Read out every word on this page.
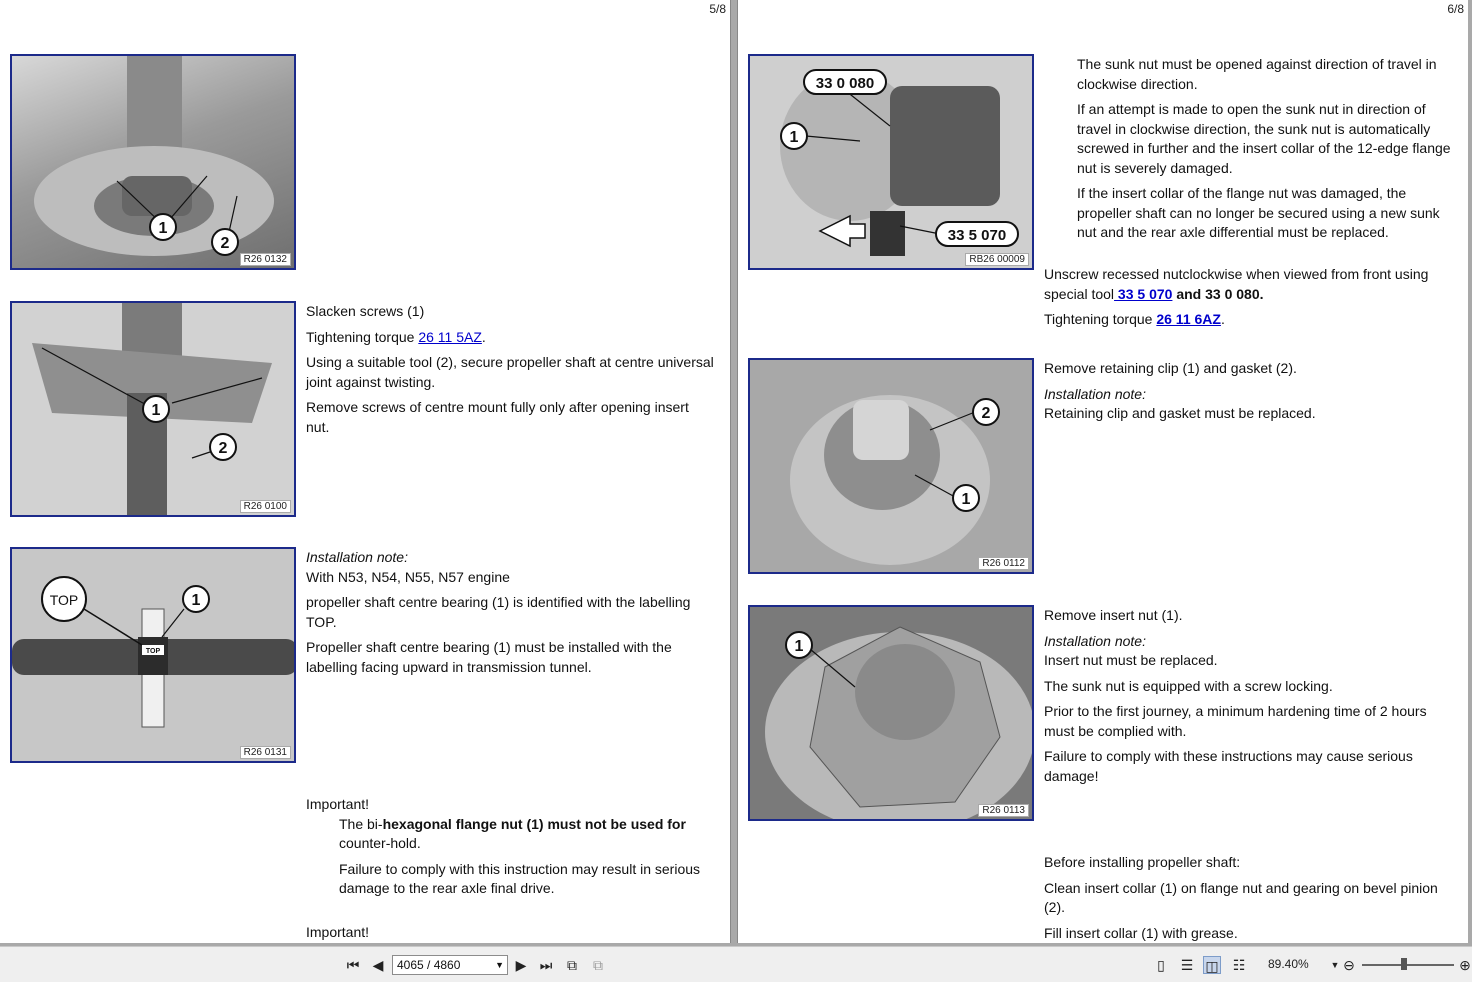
5/8
1
2
R26 0132
1
2
R26 0100
TOP
TOP	1
R26 0131

Slacken screws (1)

Tightening torque 26 11 5AZ.

Using a suitable tool (2), secure propeller shaft at centre universal joint against twisting.

Remove screws of centre mount fully only after opening insert nut.

Installation note:

With N53, N54, N55, N57 engine

propeller shaft centre bearing (1) is identified with the labelling TOP.

Propeller shaft centre bearing (1) must be installed with the labelling facing upward in transmission tunnel.

Important!

The bi-hexagonal flange nut (1) must not be used for
counter-hold.

Failure to comply with this instruction may result in serious damage to the rear axle final drive.

Important!
6/8
33 0 080
1
33 5 070
RB26 00009
2
1
R26 0112
1
R26 0113

The sunk nut must be opened against direction of travel in clockwise direction.

If an attempt is made to open the sunk nut in direction of travel in clockwise direction, the sunk nut is automatically screwed in further and the insert collar of the 12-edge flange nut is severely damaged.

If the insert collar of the flange nut was damaged, the propeller shaft can no longer be secured using a new sunk nut and the rear axle differential must be replaced.

Unscrew recessed nutclockwise when viewed from front using special tool 33 5 070 and 33 0 080.

Tightening torque 26 11 6AZ.

Remove retaining clip (1) and gasket (2).

Installation note:

Retaining clip and gasket must be replaced.

Remove insert nut (1).

Installation note:

Insert nut must be replaced.

The sunk nut is equipped with a screw locking.

Prior to the first journey, a minimum hardening time of 2 hours must be complied with.

Failure to comply with these instructions may cause serious damage!

Before installing propeller shaft:

Clean insert collar (1) on flange nut and gearing on bevel pinion (2).

Fill insert collar (1) with grease.

⏮ ◀	4065 / 4860	▼ ▶ ⏭ ⧉ ⧉	▯	☰ ◫ ☷ 89.40%	▼ ⊖	⊕
